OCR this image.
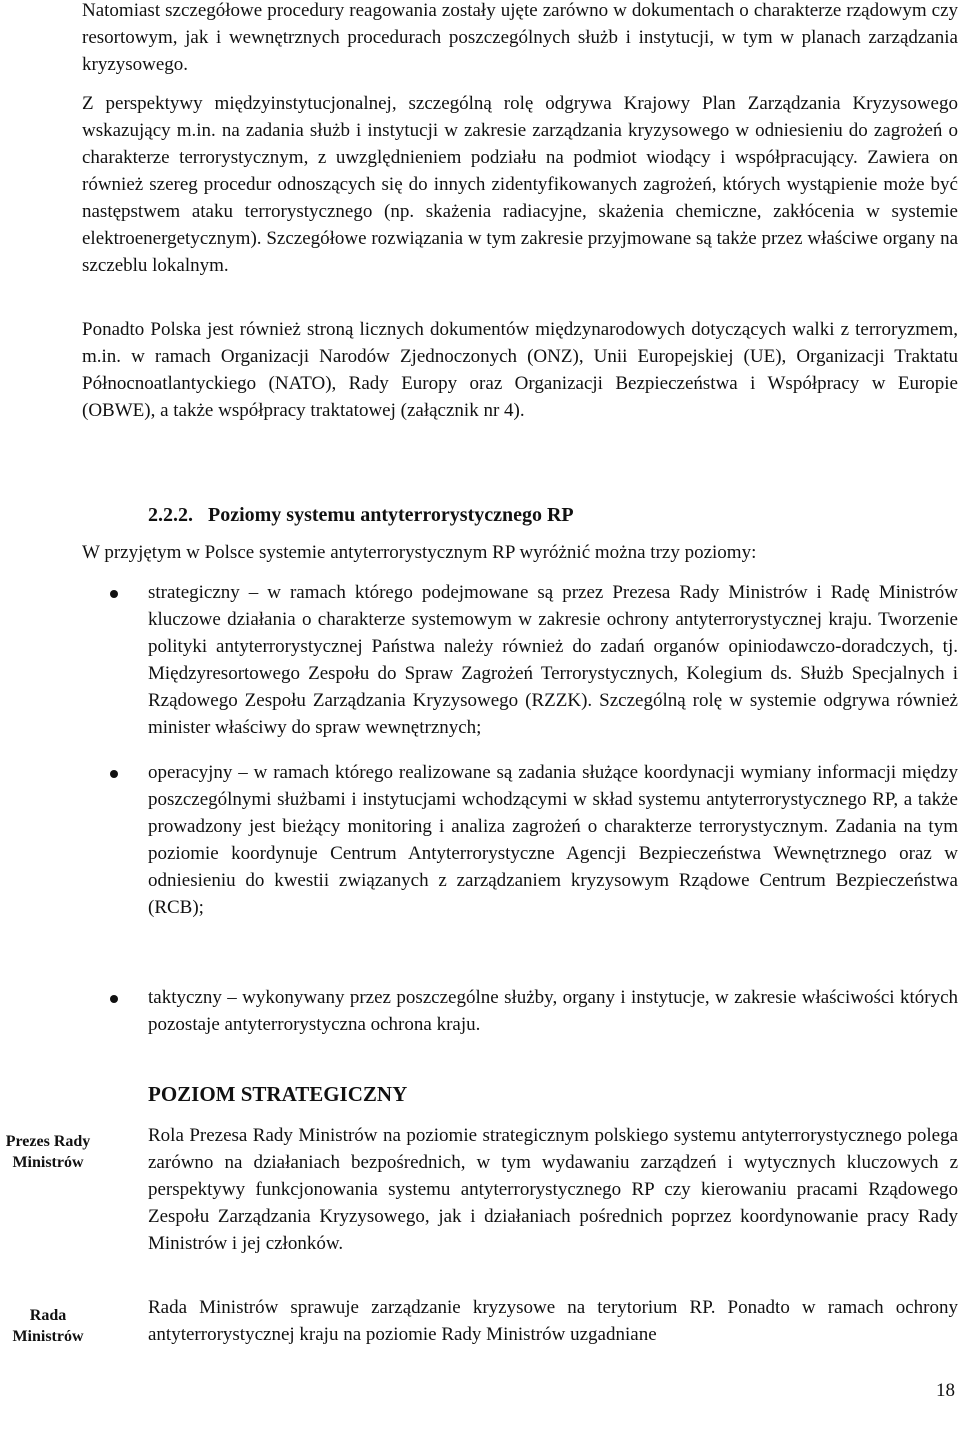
Natomiast szczegółowe procedury reagowania zostały ujęte zarówno w dokumentach o charakterze rządowym czy resortowym, jak i wewnętrznych procedurach poszczególnych służb i instytucji, w tym w planach zarządzania kryzysowego.

Z perspektywy międzyinstytucjonalnej, szczególną rolę odgrywa Krajowy Plan Zarządzania Kryzysowego wskazujący m.in. na zadania służb i instytucji w zakresie zarządzania kryzysowego w odniesieniu do zagrożeń o charakterze terrorystycznym, z uwzględnieniem podziału na podmiot wiodący i współpracujący. Zawiera on również szereg procedur odnoszących się do innych zidentyfikowanych zagrożeń, których wystąpienie może być następstwem ataku terrorystycznego (np. skażenia radiacyjne, skażenia chemiczne, zakłócenia w systemie elektroenergetycznym). Szczegółowe rozwiązania w tym zakresie przyjmowane są także przez właściwe organy na szczeblu lokalnym.

Ponadto Polska jest również stroną licznych dokumentów międzynarodowych dotyczących walki z terroryzmem, m.in. w ramach Organizacji Narodów Zjednoczonych (ONZ), Unii Europejskiej (UE), Organizacji Traktatu Północnoatlantyckiego (NATO), Rady Europy oraz Organizacji Bezpieczeństwa i Współpracy w Europie (OBWE), a także współpracy traktatowej (załącznik nr 4).

2.2.2. Poziomy systemu antyterrorystycznego RP

W przyjętym w Polsce systemie antyterrorystycznym RP wyróżnić można trzy poziomy:

strategiczny – w ramach którego podejmowane są przez Prezesa Rady Ministrów i Radę Ministrów kluczowe działania o charakterze systemowym w zakresie ochrony antyterrorystycznej kraju. Tworzenie polityki antyterrorystycznej Państwa należy również do zadań organów opiniodawczo-doradczych, tj. Międzyresortowego Zespołu do Spraw Zagrożeń Terrorystycznych, Kolegium ds. Służb Specjalnych i Rządowego Zespołu Zarządzania Kryzysowego (RZZK). Szczególną rolę w systemie odgrywa również minister właściwy do spraw wewnętrznych;

operacyjny – w ramach którego realizowane są zadania służące koordynacji wymiany informacji między poszczególnymi służbami i instytucjami wchodzącymi w skład systemu antyterrorystycznego RP, a także prowadzony jest bieżący monitoring i analiza zagrożeń o charakterze terrorystycznym. Zadania na tym poziomie koordynuje Centrum Antyterrorystyczne Agencji Bezpieczeństwa Wewnętrznego oraz w odniesieniu do kwestii związanych z zarządzaniem kryzysowym Rządowe Centrum Bezpieczeństwa (RCB);

taktyczny – wykonywany przez poszczególne służby, organy i instytucje, w zakresie właściwości których pozostaje antyterrorystyczna ochrona kraju.

POZIOM STRATEGICZNY

Prezes Rady Ministrów

Rola Prezesa Rady Ministrów na poziomie strategicznym polskiego systemu antyterrorystycznego polega zarówno na działaniach bezpośrednich, w tym wydawaniu zarządzeń i wytycznych kluczowych z perspektywy funkcjonowania systemu antyterrorystycznego RP czy kierowaniu pracami Rządowego Zespołu Zarządzania Kryzysowego, jak i działaniach pośrednich poprzez koordynowanie pracy Rady Ministrów i jej członków.

Rada Ministrów

Rada Ministrów sprawuje zarządzanie kryzysowe na terytorium RP. Ponadto w ramach ochrony antyterrorystycznej kraju na poziomie Rady Ministrów uzgadniane

18
